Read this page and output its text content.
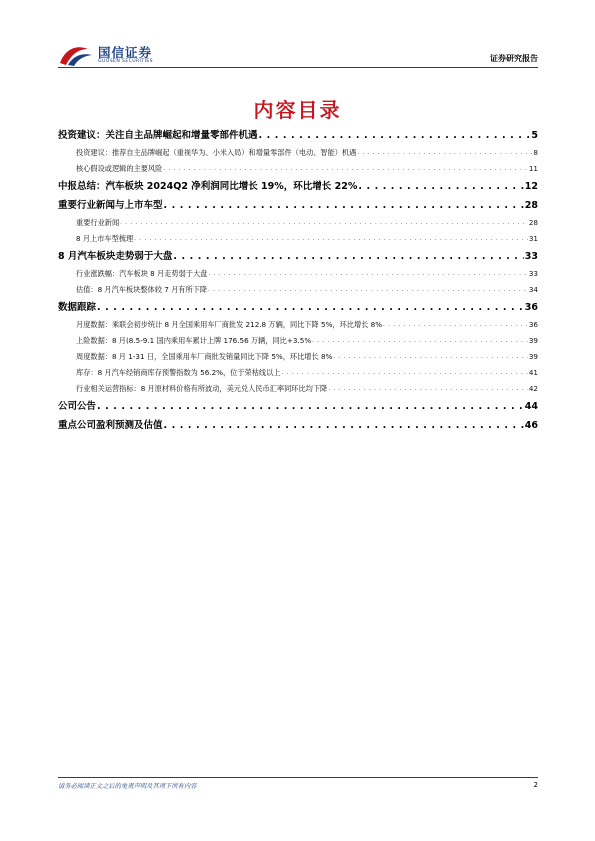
国信证券
GUOSEN SECURITIES	证券研究报告
内容目录
投资建议：关注自主品牌崛起和增量零部件机遇 . . .	5
投资建议：推荐自主品牌崛起（重视华为、小米入局）和增量零部件（电动、智能）机遇 . . .	8
核心假设或逻辑的主要风险 . . .	11
中报总结：汽车板块 2024Q2 净利润同比增长 19%，环比增长 22% . . .	12
重要行业新闻与上市车型 . . .	28
重要行业新闻 . . .	28
8 月上市车型梳理 . . .	31
8 月汽车板块走势弱于大盘 . . .	33
行业涨跌幅：汽车板块 8 月走势弱于大盘 . . .	33
估值：8 月汽车板块整体较 7 月有所下降 . . .	34
数据跟踪 . . .	36
月度数据：乘联会初步统计 8 月全国乘用车厂商批发 212.8 万辆，同比下降 5%，环比增长 8% . . .	36
上险数据：8 月(8.5-9.1 国内乘用车累计上牌 176.56 万辆，同比+3.5% . . .	39
周度数据：8 月 1-31 日，全国乘用车厂商批发销量同比下降 5%，环比增长 8% . . .	39
库存：8 月汽车经销商库存预警指数为 56.2%，位于荣枯线以上 . . .	41
行业相关运营指标：8 月原材料价格有所波动，美元兑人民币汇率同环比均下降 . . .	42
公司公告 . . .	44
重点公司盈利预测及估值 . . .	46
请务必阅读正文之后的免责声明及其项下所有内容	2
